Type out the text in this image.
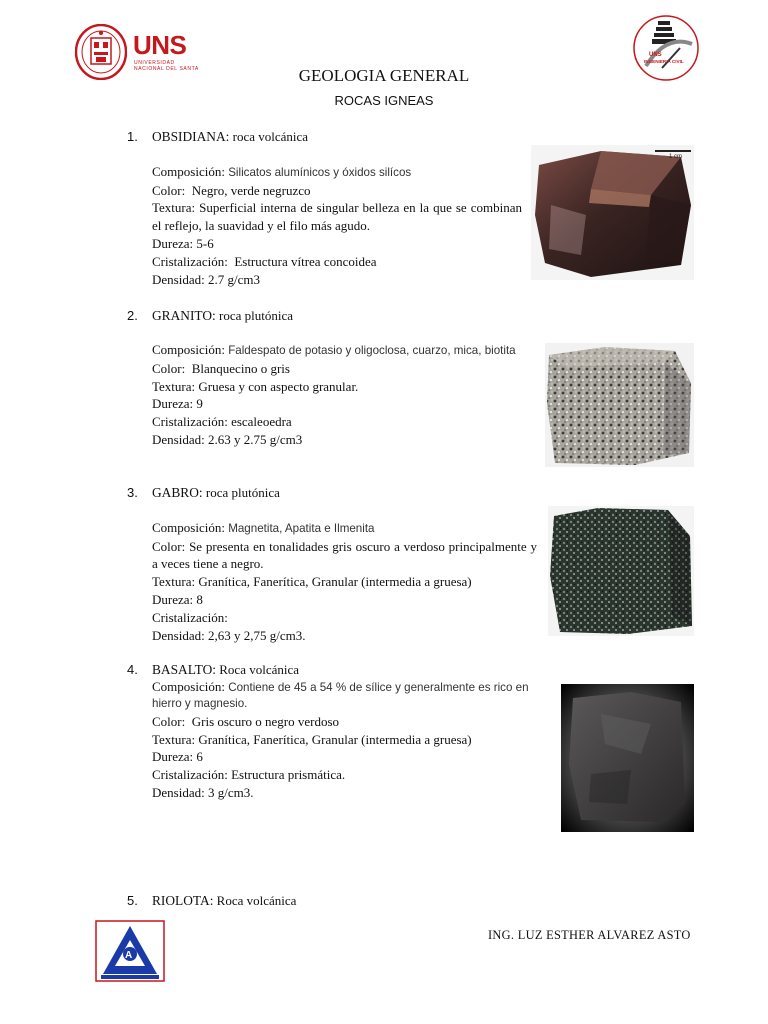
UNS
UNIVERSIDAD NACIONAL DEL SANTA
UNS
INGENIERIA CIVIL
GEOLOGIA GENERAL
ROCAS IGNEAS
1.	OBSIDIANA: roca volcánica
Composición: Silicatos alumínicos y óxidos silícos
Color: Negro, verde negruzco
Textura: Superficial interna de singular belleza en la que se combinan el reflejo, la suavidad y el filo más agudo.
Dureza: 5-6
Cristalización: Estructura vítrea concoidea
Densidad: 2.7 g/cm3
1 cm
2.	GRANITO: roca plutónica
Composición: Faldespato de potasio y oligoclosa, cuarzo, mica, biotita
Color: Blanquecino o gris
Textura: Gruesa y con aspecto granular.
Dureza: 9
Cristalización: escaleoedra
Densidad: 2.63 y 2.75 g/cm3
3.	GABRO: roca plutónica
Composición: Magnetita, Apatita e Ilmenita
Color: Se presenta en tonalidades gris oscuro a verdoso principalmente y a veces tiene a negro.
Textura: Granítica, Fanerítica, Granular (intermedia a gruesa)
Dureza: 8
Cristalización:
Densidad: 2,63 y 2,75 g/cm3.
4.	BASALTO: Roca volcánica
Composición: Contiene de 45 a 54 % de sílice y generalmente es rico en hierro y magnesio.
Color: Gris oscuro o negro verdoso
Textura: Granítica, Fanerítica, Granular (intermedia a gruesa)
Dureza: 6
Cristalización: Estructura prismática.
Densidad: 3 g/cm3.
5.	RIOLOTA: Roca volcánica
A
ING. LUZ ESTHER ALVAREZ ASTO
